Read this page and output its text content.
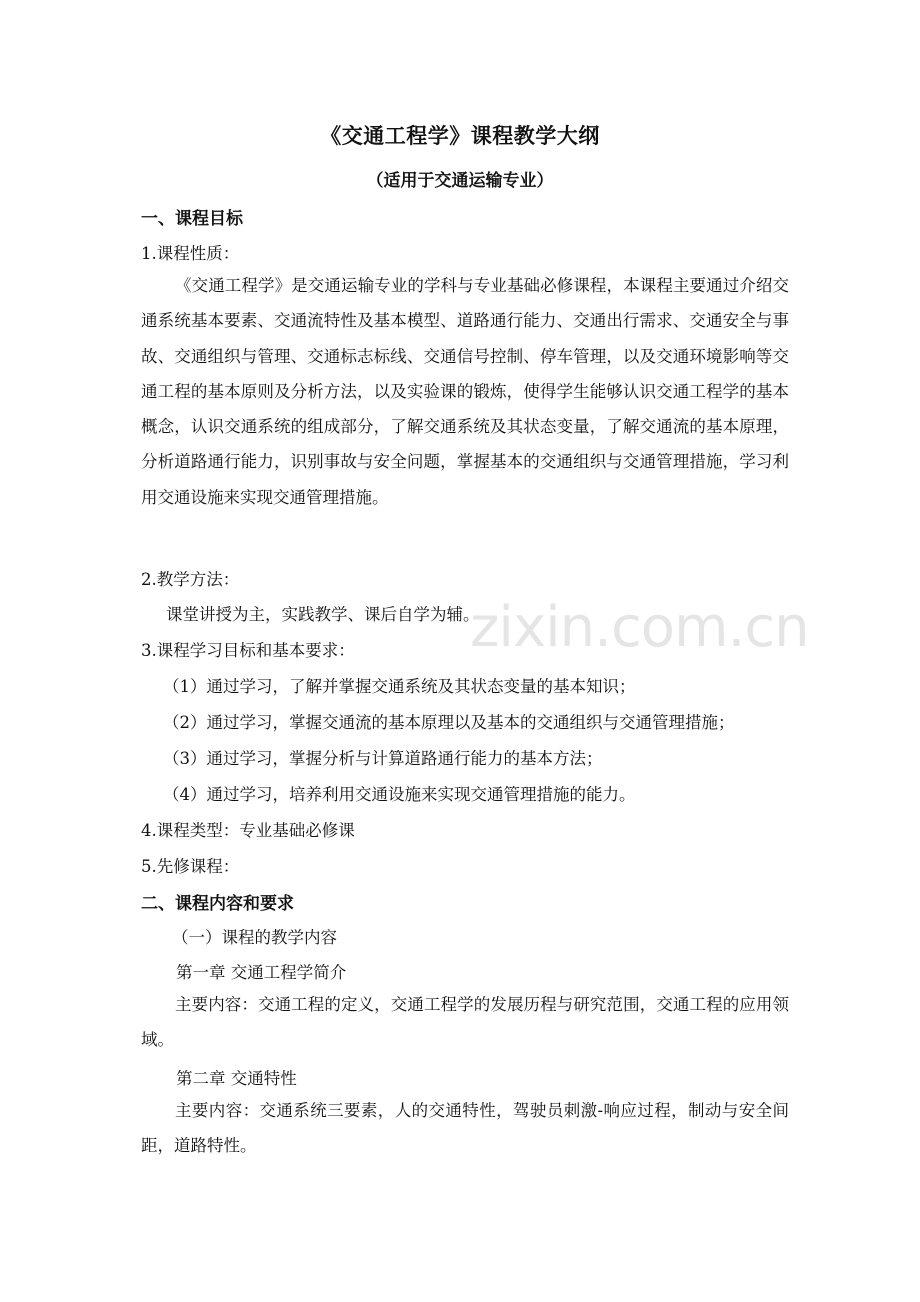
zixin.com.cn
《交通工程学》课程教学大纲
（适用于交通运输专业）
一、课程目标
1.课程性质：
《交通工程学》是交通运输专业的学科与专业基础必修课程，本课程主要通过介绍交通系统基本要素、交通流特性及基本模型、道路通行能力、交通出行需求、交通安全与事故、交通组织与管理、交通标志标线、交通信号控制、停车管理，以及交通环境影响等交通工程的基本原则及分析方法，以及实验课的锻炼，使得学生能够认识交通工程学的基本概念，认识交通系统的组成部分，了解交通系统及其状态变量，了解交通流的基本原理，分析道路通行能力，识别事故与安全问题，掌握基本的交通组织与交通管理措施，学习利用交通设施来实现交通管理措施。
2.教学方法：
课堂讲授为主，实践教学、课后自学为辅。
3.课程学习目标和基本要求：
（1）通过学习，了解并掌握交通系统及其状态变量的基本知识；
（2）通过学习，掌握交通流的基本原理以及基本的交通组织与交通管理措施；
（3）通过学习，掌握分析与计算道路通行能力的基本方法；
（4）通过学习，培养利用交通设施来实现交通管理措施的能力。
4.课程类型：专业基础必修课
5.先修课程：
二、课程内容和要求
（一）课程的教学内容
第一章 交通工程学简介
主要内容：交通工程的定义，交通工程学的发展历程与研究范围，交通工程的应用领域。
第二章 交通特性
主要内容：交通系统三要素，人的交通特性，驾驶员刺激-响应过程，制动与安全间距，道路特性。
